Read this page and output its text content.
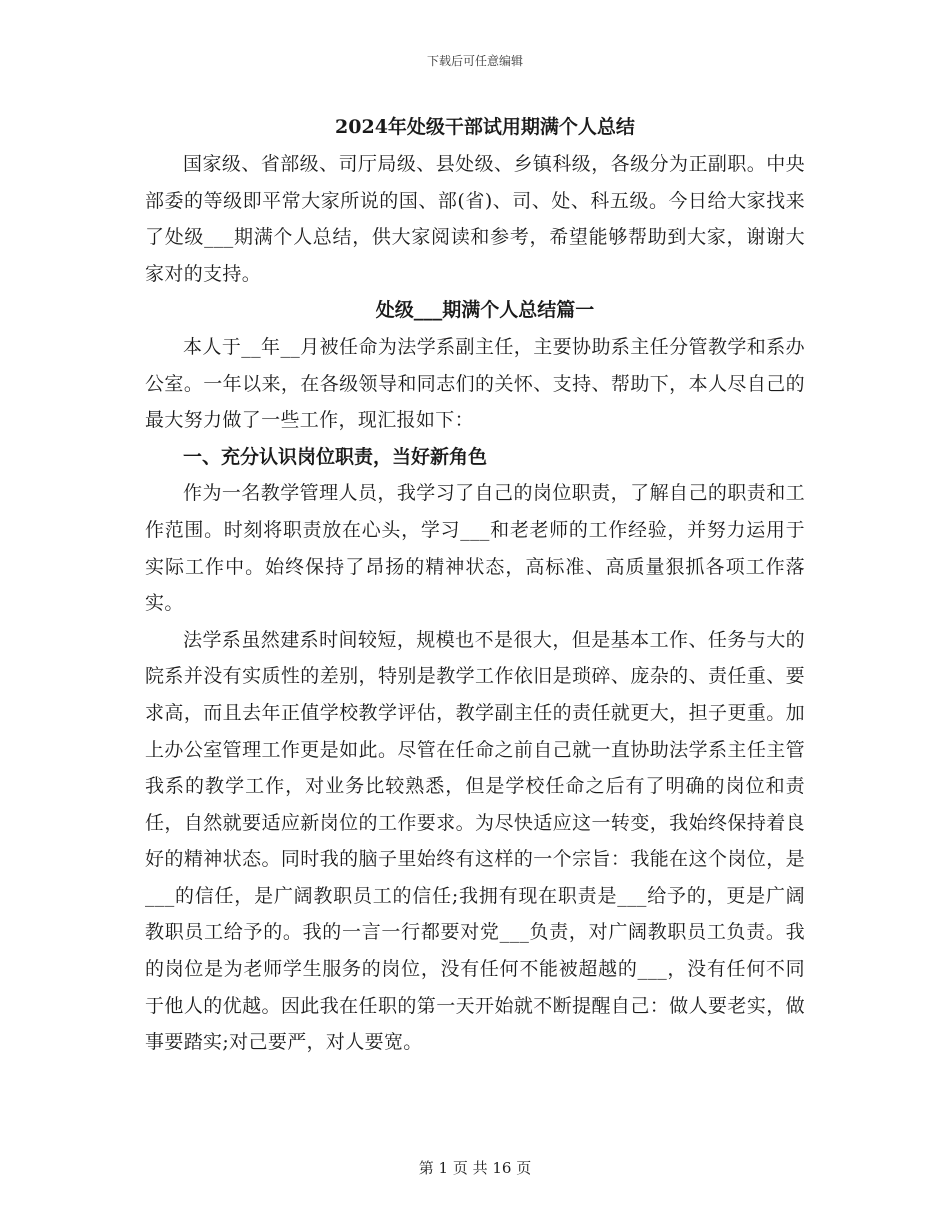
下载后可任意编辑
2024年处级干部试用期满个人总结

国家级、省部级、司厅局级、县处级、乡镇科级，各级分为正副职。中央部委的等级即平常大家所说的国、部(省)、司、处、科五级。今日给大家找来了处级___期满个人总结，供大家阅读和参考，希望能够帮助到大家，谢谢大家对的支持。

处级___期满个人总结篇一

本人于__年__月被任命为法学系副主任，主要协助系主任分管教学和系办公室。一年以来，在各级领导和同志们的关怀、支持、帮助下，本人尽自己的最大努力做了一些工作，现汇报如下：

一、充分认识岗位职责，当好新角色

作为一名教学管理人员，我学习了自己的岗位职责，了解自己的职责和工作范围。时刻将职责放在心头，学习___和老老师的工作经验，并努力运用于实际工作中。始终保持了昂扬的精神状态，高标准、高质量狠抓各项工作落实。

法学系虽然建系时间较短，规模也不是很大，但是基本工作、任务与大的院系并没有实质性的差别，特别是教学工作依旧是琐碎、庞杂的、责任重、要求高，而且去年正值学校教学评估，教学副主任的责任就更大，担子更重。加上办公室管理工作更是如此。尽管在任命之前自己就一直协助法学系主任主管我系的教学工作，对业务比较熟悉，但是学校任命之后有了明确的岗位和责任，自然就要适应新岗位的工作要求。为尽快适应这一转变，我始终保持着良好的精神状态。同时我的脑子里始终有这样的一个宗旨：我能在这个岗位，是___的信任，是广阔教职员工的信任;我拥有现在职责是___给予的，更是广阔教职员工给予的。我的一言一行都要对党___负责，对广阔教职员工负责。我的岗位是为老师学生服务的岗位，没有任何不能被超越的___，没有任何不同于他人的优越。因此我在任职的第一天开始就不断提醒自己：做人要老实，做事要踏实;对己要严，对人要宽。

第 1 页 共 16 页
